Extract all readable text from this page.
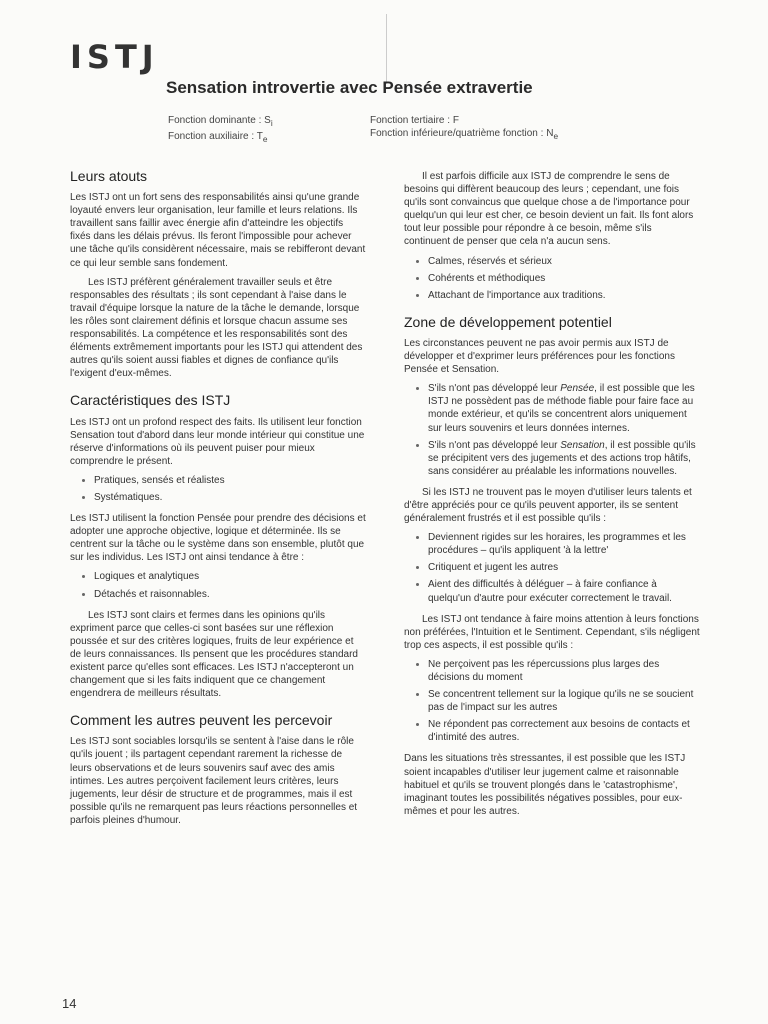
ISTJ
Sensation introvertie avec Pensée extravertie
Fonction dominante : $S_i$
Fonction auxiliaire : $T_e$
Fonction tertiaire : F
Fonction inférieure/quatrième fonction : $N_e$
Leurs atouts

Les ISTJ ont un fort sens des responsabilités ainsi qu'une grande loyauté envers leur organisation, leur famille et leurs relations. Ils travaillent sans faillir avec énergie afin d'atteindre les objectifs fixés dans les délais prévus. Ils feront l'impossible pour achever une tâche qu'ils considèrent nécessaire, mais se rebifferont devant ce qui leur semble sans fondement.

Les ISTJ préfèrent généralement travailler seuls et être responsables des résultats ; ils sont cependant à l'aise dans le travail d'équipe lorsque la nature de la tâche le demande, lorsque les rôles sont clairement définis et lorsque chacun assume ses responsabilités. La compétence et les responsabilités sont des éléments extrêmement importants pour les ISTJ qui attendent des autres qu'ils soient aussi fiables et dignes de confiance qu'ils l'exigent d'eux-mêmes.

Caractéristiques des ISTJ

Les ISTJ ont un profond respect des faits. Ils utilisent leur fonction Sensation tout d'abord dans leur monde intérieur qui constitue une réserve d'informations où ils peuvent puiser pour mieux comprendre le présent.

• Pratiques, sensés et réalistes
• Systématiques.

Les ISTJ utilisent la fonction Pensée pour prendre des décisions et adopter une approche objective, logique et déterminée. Ils se centrent sur la tâche ou le système dans son ensemble, plutôt que sur les individus. Les ISTJ ont ainsi tendance à être :

• Logiques et analytiques
• Détachés et raisonnables.

Les ISTJ sont clairs et fermes dans les opinions qu'ils expriment parce que celles-ci sont basées sur une réflexion poussée et sur des critères logiques, fruits de leur expérience et de leurs connaissances. Ils pensent que les procédures standard existent parce qu'elles sont efficaces. Les ISTJ n'accepteront un changement que si les faits indiquent que ce changement engendrera de meilleurs résultats.

Comment les autres peuvent les percevoir

Les ISTJ sont sociables lorsqu'ils se sentent à l'aise dans le rôle qu'ils jouent ; ils partagent cependant rarement la richesse de leurs observations et de leurs souvenirs sauf avec des amis intimes. Les autres perçoivent facilement leurs critères, leurs jugements, leur désir de structure et de programmes, mais il est possible qu'ils ne remarquent pas leurs réactions personnelles et parfois pleines d'humour.

Il est parfois difficile aux ISTJ de comprendre le sens de besoins qui diffèrent beaucoup des leurs ; cependant, une fois qu'ils sont convaincus que quelque chose a de l'importance pour quelqu'un qui leur est cher, ce besoin devient un fait. Ils font alors tout leur possible pour répondre à ce besoin, même s'ils continuent de penser que cela n'a aucun sens.

• Calmes, réservés et sérieux
• Cohérents et méthodiques
• Attachant de l'importance aux traditions.
Zone de développement potentiel

Les circonstances peuvent ne pas avoir permis aux ISTJ de développer et d'exprimer leurs préférences pour les fonctions Pensée et Sensation.

• S'ils n'ont pas développé leur Pensée, il est possible que les ISTJ ne possèdent pas de méthode fiable pour faire face au monde extérieur, et qu'ils se concentrent alors uniquement sur leurs souvenirs et leurs données internes.
• S'ils n'ont pas développé leur Sensation, il est possible qu'ils se précipitent vers des jugements et des actions trop hâtifs, sans considérer au préalable les informations nouvelles.

Si les ISTJ ne trouvent pas le moyen d'utiliser leurs talents et d'être appréciés pour ce qu'ils peuvent apporter, ils se sentent généralement frustrés et il est possible qu'ils :

• Deviennent rigides sur les horaires, les programmes et les procédures – qu'ils appliquent 'à la lettre'
• Critiquent et jugent les autres
• Aient des difficultés à déléguer – à faire confiance à quelqu'un d'autre pour exécuter correctement le travail.

Les ISTJ ont tendance à faire moins attention à leurs fonctions non préférées, l'Intuition et le Sentiment. Cependant, s'ils négligent trop ces aspects, il est possible qu'ils :

• Ne perçoivent pas les répercussions plus larges des décisions du moment
• Se concentrent tellement sur la logique qu'ils ne se soucient pas de l'impact sur les autres
• Ne répondent pas correctement aux besoins de contacts et d'intimité des autres.

Dans les situations très stressantes, il est possible que les ISTJ soient incapables d'utiliser leur jugement calme et raisonnable habituel et qu'ils se trouvent plongés dans le 'catastrophisme', imaginant toutes les possibilités négatives possibles, pour eux-mêmes et pour les autres.

14
